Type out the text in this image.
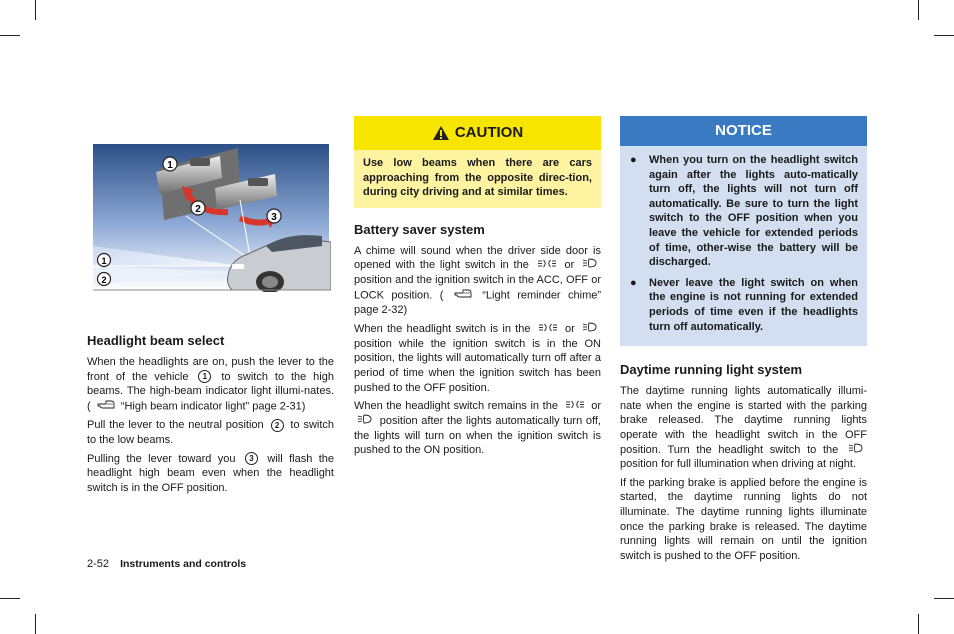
1
2
3
1
2
Headlight beam select

When the headlights are on, push the lever to the front of the vehicle 1 to switch to the high beams. The high-beam indicator light illumi-nates. (	“High beam indicator light” page 2-31)

Pull the lever to the neutral position 2 to switch to the low beams.

Pulling the lever toward you 3 will flash the headlight high beam even when the headlight switch is in the OFF position.

CAUTION
Use low beams when there are cars approaching from the opposite direc-tion, during city driving and at similar times.
Battery saver system

A chime will sound when the driver side door is opened with the light switch in the	or  position and the ignition switch in the ACC, OFF or LOCK position. (	“Light reminder chime” page 2-32)

When the headlight switch is in the	or  position while the ignition switch is in the ON position, the lights will automatically turn off after a period of time when the ignition switch has been pushed to the OFF position.

When the headlight switch remains in the	or  position after the lights automatically turn off, the lights will turn on when the ignition switch is pushed to the ON position.

NOTICE
● When you turn on the headlight switch again after the lights auto-matically turn off, the lights will not turn off automatically. Be sure to turn the light switch to the OFF position when you leave the vehicle for extended periods of time, other-wise the battery will be discharged.
● Never leave the light switch on when the engine is not running for extended periods of time even if the headlights turn off automatically.
Daytime running light system

The daytime running lights automatically illumi-nate when the engine is started with the parking brake released. The daytime running lights operate with the headlight switch in the OFF position. Turn the headlight switch to the  position for full illumination when driving at night.

If the parking brake is applied before the engine is started, the daytime running lights do not illuminate. The daytime running lights illuminate once the parking brake is released. The daytime running lights will remain on until the ignition switch is pushed to the OFF position.

2-52 Instruments and controls
